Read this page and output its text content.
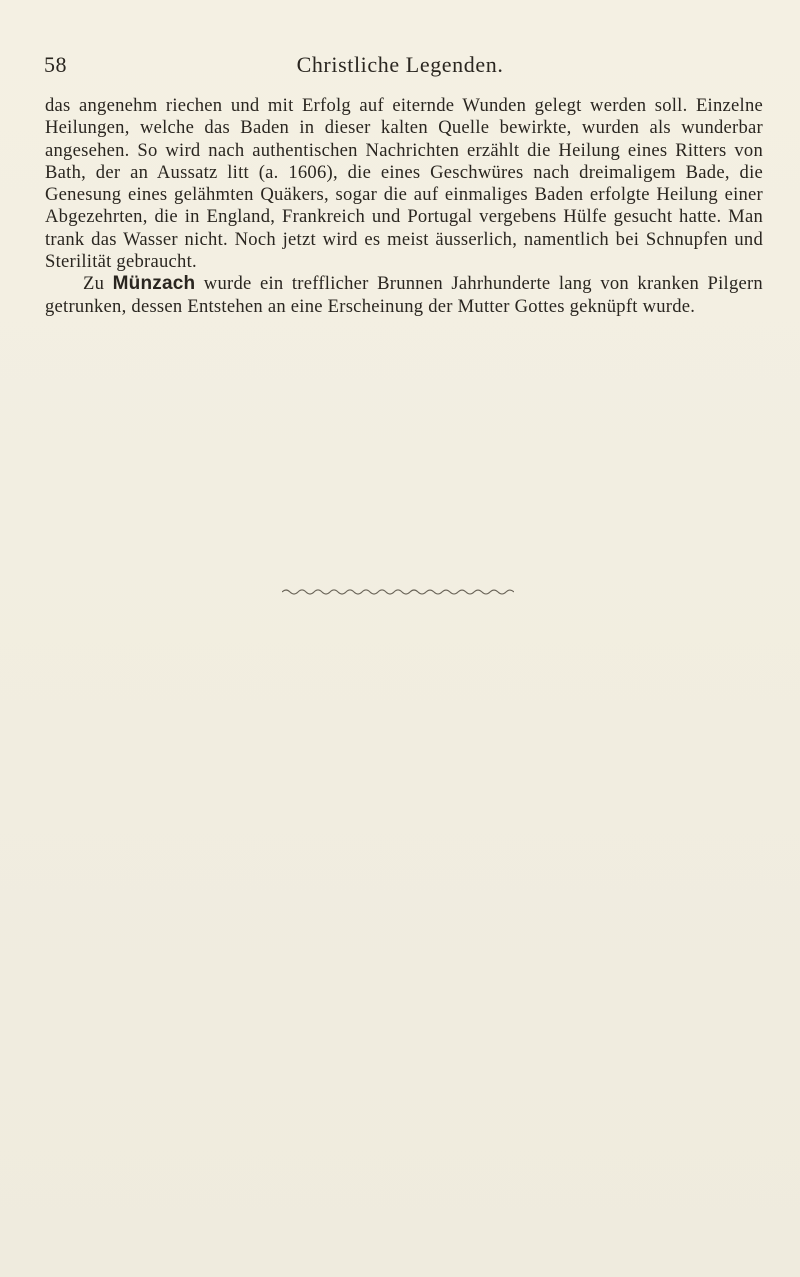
58	Christliche Legenden.

das angenehm riechen und mit Erfolg auf eiternde Wunden gelegt werden soll. Einzelne Heilungen, welche das Baden in dieser kalten Quelle bewirkte, wurden als wunderbar angesehen. So wird nach authentischen Nachrichten erzählt die Heilung eines Ritters von Bath, der an Aussatz litt (a. 1606), die eines Geschwüres nach dreimaligem Bade, die Genesung eines gelähmten Quäkers, sogar die auf einmaliges Baden erfolgte Heilung einer Abgezehrten, die in England, Frankreich und Portugal vergebens Hülfe gesucht hatte. Man trank das Wasser nicht. Noch jetzt wird es meist äusserlich, namentlich bei Schnupfen und Sterilität gebraucht.

Zu Münzach wurde ein trefflicher Brunnen Jahrhunderte lang von kranken Pilgern getrunken, dessen Entstehen an eine Erscheinung der Mutter Gottes geknüpft wurde.
